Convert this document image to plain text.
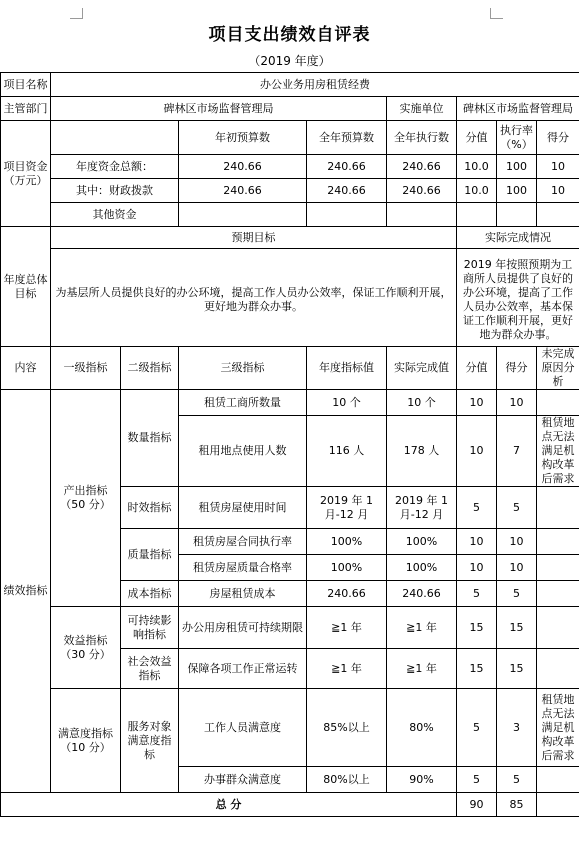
项目支出绩效自评表
（2019 年度）
项目名称	办公业务用房租赁经费							
主管部门	碑林区市场监督管理局				实施单位	碑林区市场监督管理局		
项目资金（万元）			年初预算数	全年预算数	全年执行数	分值	执行率（%）	得分
	年度资金总额：		240.66	240.66	240.66	10.0	100	10
	其中：财政拨款		240.66	240.66	240.66	10.0	100	10
	其他资金							
年度总体目标	预期目标					实际完成情况		
	为基层所人员提供良好的办公环境，提高工作人员办公效率，保证工作顺利开展，更好地为群众办事。					2019 年按照预期为工商所人员提供了良好的办公环境，提高了工作人员办公效率，基本保证工作顺利开展，更好地为群众办事。		
内容	一级指标	二级指标	三级指标	年度指标值	实际完成值	分值	得分	未完成原因分析
绩效指标	产出指标（50 分）	数量指标	租赁工商所数量	10 个	10 个	10	10	
			租用地点使用人数	116 人	178 人	10	7	租赁地点无法满足机构改革后需求
		时效指标	租赁房屋使用时间	2019 年 1 月-12 月	2019 年 1 月-12 月	5	5	
		质量指标	租赁房屋合同执行率	100%	100%	10	10	
			租赁房屋质量合格率	100%	100%	10	10	
		成本指标	房屋租赁成本	240.66	240.66	5	5	
	效益指标（30 分）	可持续影响指标	办公用房租赁可持续期限	≧1 年	≧1 年	15	15	
		社会效益指标	保障各项工作正常运转	≧1 年	≧1 年	15	15	
	满意度指标（10 分）	服务对象满意度指标	工作人员满意度	85%以上	80%	5	3	租赁地点无法满足机构改革后需求
			办事群众满意度	80%以上	90%	5	5	
总 分						90	85	
